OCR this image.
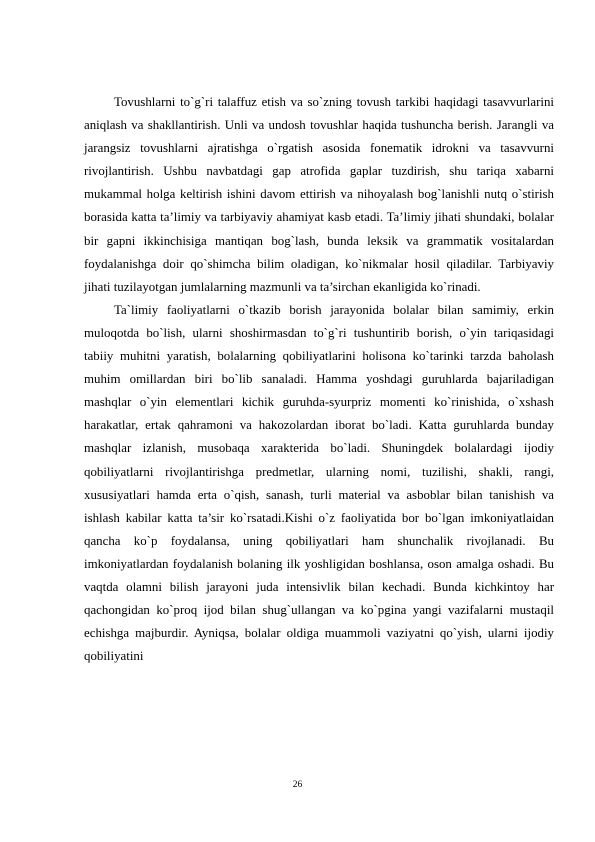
Tovushlarni to`g`ri talaffuz etish va so`zning tovush tarkibi haqidagi tasavvurlarini aniqlash va shakllantirish. Unli va undosh tovushlar haqida tushuncha berish. Jarangli va jarangsiz tovushlarni ajratishga o`rgatish asosida fonematik idrokni va tasavvurni rivojlantirish. Ushbu navbatdagi gap atrofida gaplar tuzdirish, shu tariqa xabarni mukammal holga keltirish ishini davom ettirish va nihoyalash bog`lanishli nutq o`stirish borasida katta ta’limiy va tarbiyaviy ahamiyat kasb etadi. Ta’limiy jihati shundaki, bolalar bir gapni ikkinchisiga mantiqan bog`lash, bunda leksik va grammatik vositalardan foydalanishga doir qo`shimcha bilim oladigan, ko`nikmalar hosil qiladilar. Tarbiyaviy jihati tuzilayotgan jumlalarning mazmunli va ta’sirchan ekanligida ko`rinadi.

Ta`limiy faoliyatlarni o`tkazib borish jarayonida bolalar bilan samimiy, erkin muloqotda bo`lish, ularni shoshirmasdan to`g`ri tushuntirib borish, o`yin tariqasidagi tabiiy muhitni yaratish, bolalarning qobiliyatlarini holisona ko`tarinki tarzda baholash muhim omillardan biri bo`lib sanaladi. Hamma yoshdagi guruhlarda bajariladigan mashqlar o`yin elementlari kichik guruhda-syurpriz momenti ko`rinishida, o`xshash harakatlar, ertak qahramoni va hakozolardan iborat bo`ladi. Katta guruhlarda bunday mashqlar izlanish, musobaqa xarakterida bo`ladi. Shuningdek bolalardagi ijodiy qobiliyatlarni rivojlantirishga predmetlar, ularning nomi, tuzilishi, shakli, rangi, xususiyatlari hamda erta o`qish, sanash, turli material va asboblar bilan tanishish va ishlash kabilar katta ta’sir ko`rsatadi.Kishi o`z faoliyatida bor bo`lgan imkoniyatlaidan qancha ko`p foydalansa, uning qobiliyatlari ham shunchalik rivojlanadi. Bu imkoniyatlardan foydalanish bolaning ilk yoshligidan boshlansa, oson amalga oshadi. Bu vaqtda olamni bilish jarayoni juda intensivlik bilan kechadi. Bunda kichkintoy har qachongidan ko`proq ijod bilan shug`ullangan va ko`pgina yangi vazifalarni mustaqil echishga majburdir. Ayniqsa, bolalar oldiga muammoli vaziyatni qo`yish, ularni ijodiy qobiliyatini

26
